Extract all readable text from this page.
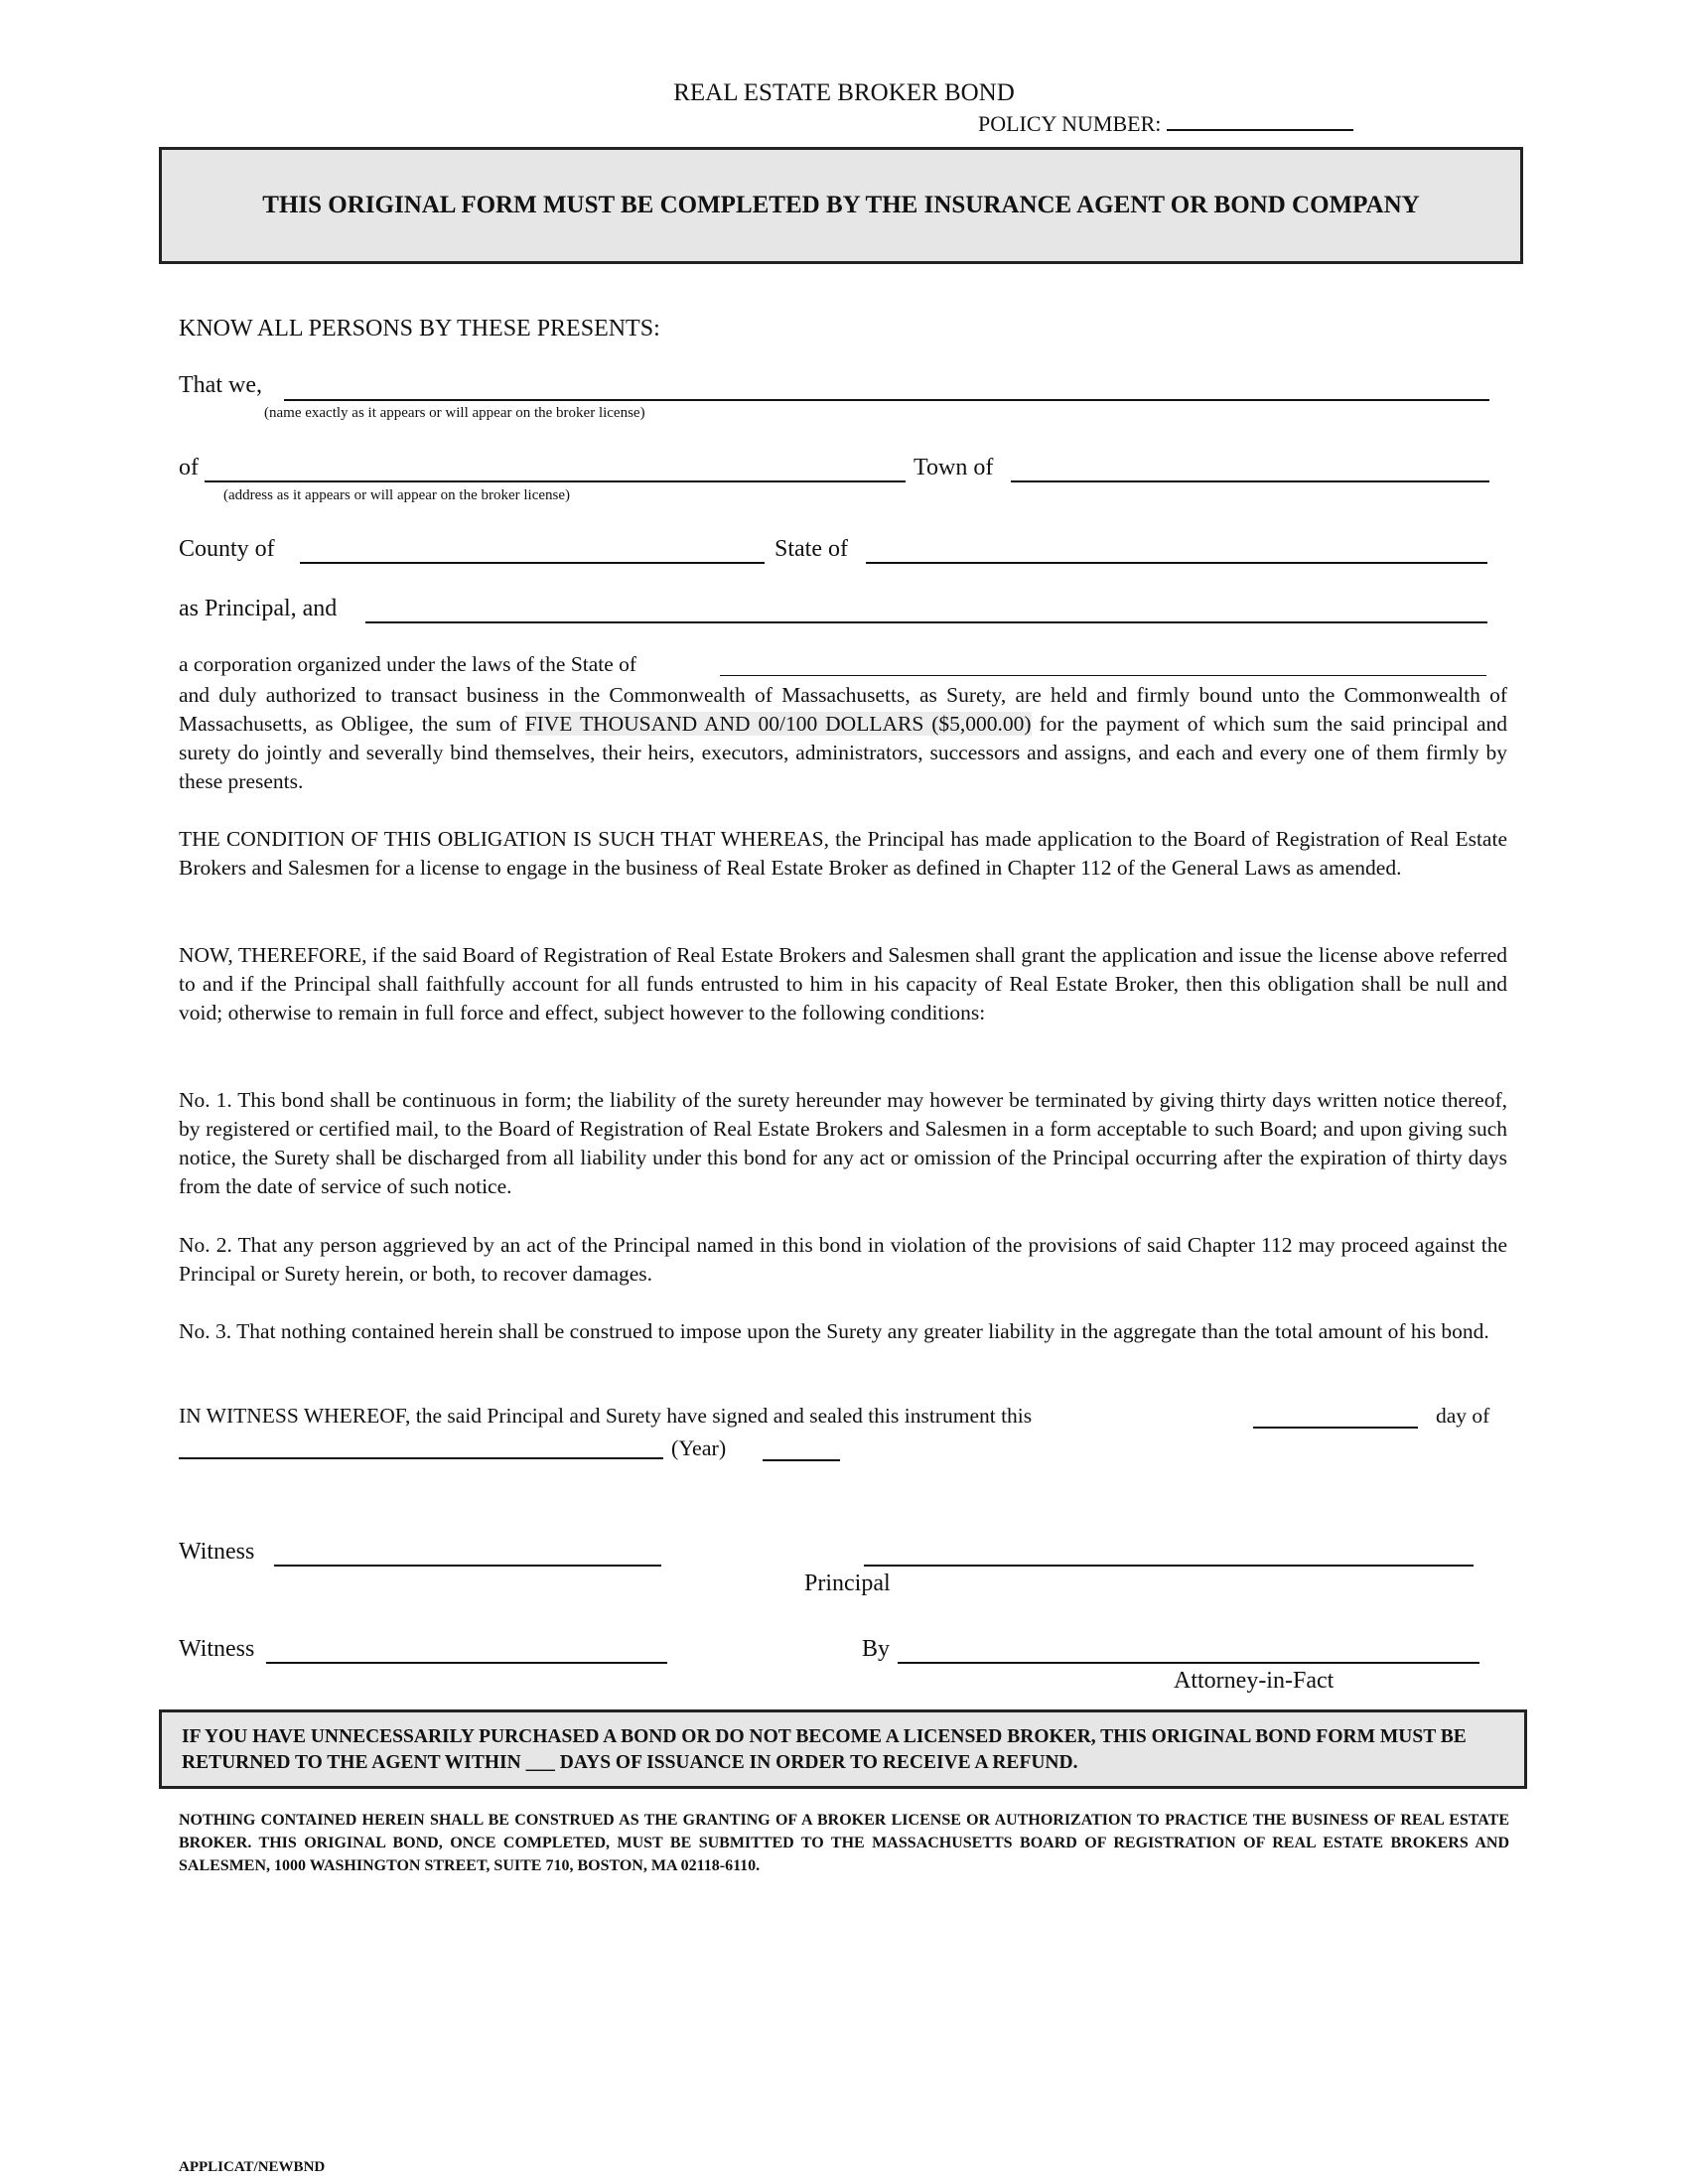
REAL ESTATE BROKER BOND
POLICY NUMBER:
THIS ORIGINAL FORM MUST BE COMPLETED BY THE INSURANCE AGENT OR BOND COMPANY
KNOW ALL PERSONS BY THESE PRESENTS:
That we,
(name exactly as it appears or will appear on the broker license)
of	Town of
(address as it appears or will appear on the broker license)
County of	State of
as Principal, and
a corporation organized under the laws of the State of
and duly authorized to transact business in the Commonwealth of Massachusetts, as Surety, are held and firmly bound unto the Commonwealth of Massachusetts, as Obligee, the sum of FIVE THOUSAND AND 00/100 DOLLARS ($5,000.00) for the payment of which sum the said principal and surety do jointly and severally bind themselves, their heirs, executors, administrators, successors and assigns, and each and every one of them firmly by these presents.
THE CONDITION OF THIS OBLIGATION IS SUCH THAT WHEREAS, the Principal has made application to the Board of Registration of Real Estate Brokers and Salesmen for a license to engage in the business of Real Estate Broker as defined in Chapter 112 of the General Laws as amended.
NOW, THEREFORE, if the said Board of Registration of Real Estate Brokers and Salesmen shall grant the application and issue the license above referred to and if the Principal shall faithfully account for all funds entrusted to him in his capacity of Real Estate Broker, then this obligation shall be null and void; otherwise to remain in full force and effect, subject however to the following conditions:
No. 1. This bond shall be continuous in form; the liability of the surety hereunder may however be terminated by giving thirty days written notice thereof, by registered or certified mail, to the Board of Registration of Real Estate Brokers and Salesmen in a form acceptable to such Board; and upon giving such notice, the Surety shall be discharged from all liability under this bond for any act or omission of the Principal occurring after the expiration of thirty days from the date of service of such notice.
No. 2. That any person aggrieved by an act of the Principal named in this bond in violation of the provisions of said Chapter 112 may proceed against the Principal or Surety herein, or both, to recover damages.
No. 3. That nothing contained herein shall be construed to impose upon the Surety any greater liability in the aggregate than the total amount of his bond.
IN WITNESS WHEREOF, the said Principal and Surety have signed and sealed this instrument this	day of
(Year)
Witness
Principal
Witness	By
Attorney-in-Fact
IF YOU HAVE UNNECESSARILY PURCHASED A BOND OR DO NOT BECOME A LICENSED BROKER, THIS ORIGINAL BOND FORM MUST BE RETURNED TO THE AGENT WITHIN ___ DAYS OF ISSUANCE IN ORDER TO RECEIVE A REFUND.
NOTHING CONTAINED HEREIN SHALL BE CONSTRUED AS THE GRANTING OF A BROKER LICENSE OR AUTHORIZATION TO PRACTICE THE BUSINESS OF REAL ESTATE BROKER. THIS ORIGINAL BOND, ONCE COMPLETED, MUST BE SUBMITTED TO THE MASSACHUSETTS BOARD OF REGISTRATION OF REAL ESTATE BROKERS AND SALESMEN, 1000 WASHINGTON STREET, SUITE 710, BOSTON, MA 02118-6110.
APPLICAT/NEWBND
